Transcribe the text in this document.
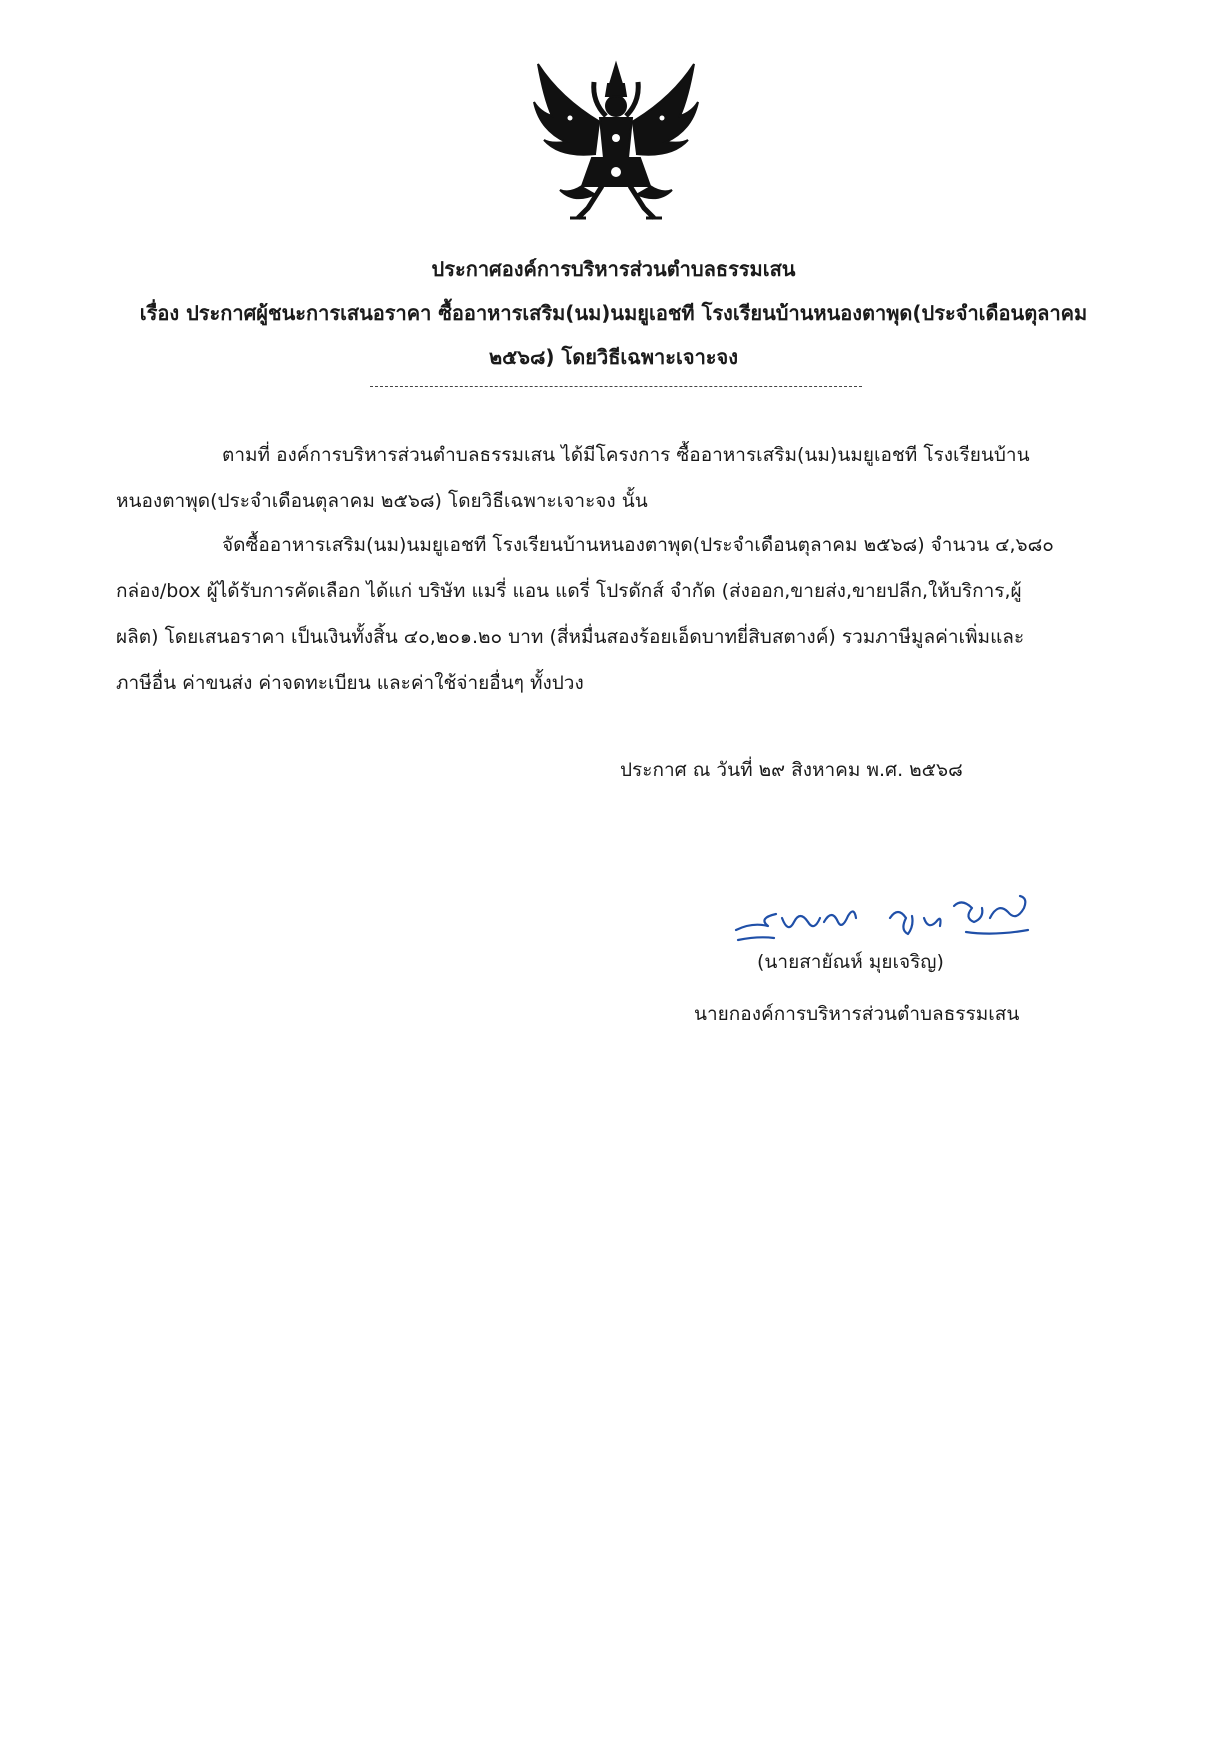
ประกาศองค์การบริหารส่วนตำบลธรรมเสน
เรื่อง ประกาศผู้ชนะการเสนอราคา ซื้ออาหารเสริม(นม)นมยูเอชที โรงเรียนบ้านหนองตาพุด(ประจำเดือนตุลาคม
๒๕๖๘) โดยวิธีเฉพาะเจาะจง
ตามที่ องค์การบริหารส่วนตำบลธรรมเสน ได้มีโครงการ ซื้ออาหารเสริม(นม)นมยูเอชที โรงเรียนบ้าน
หนองตาพุด(ประจำเดือนตุลาคม ๒๕๖๘) โดยวิธีเฉพาะเจาะจง นั้น
จัดซื้ออาหารเสริม(นม)นมยูเอชที โรงเรียนบ้านหนองตาพุด(ประจำเดือนตุลาคม ๒๕๖๘) จำนวน ๔,๖๘๐
กล่อง/box ผู้ได้รับการคัดเลือก ได้แก่ บริษัท แมรี่ แอน แดรี่ โปรดักส์ จำกัด (ส่งออก,ขายส่ง,ขายปลีก,ให้บริการ,ผู้
ผลิต) โดยเสนอราคา เป็นเงินทั้งสิ้น ๔๐,๒๐๑.๒๐ บาท (สี่หมื่นสองร้อยเอ็ดบาทยี่สิบสตางค์) รวมภาษีมูลค่าเพิ่มและ
ภาษีอื่น ค่าขนส่ง ค่าจดทะเบียน และค่าใช้จ่ายอื่นๆ ทั้งปวง
ประกาศ ณ วันที่ ๒๙ สิงหาคม พ.ศ. ๒๕๖๘
(นายสายัณห์ มุยเจริญ)
นายกองค์การบริหารส่วนตำบลธรรมเสน
